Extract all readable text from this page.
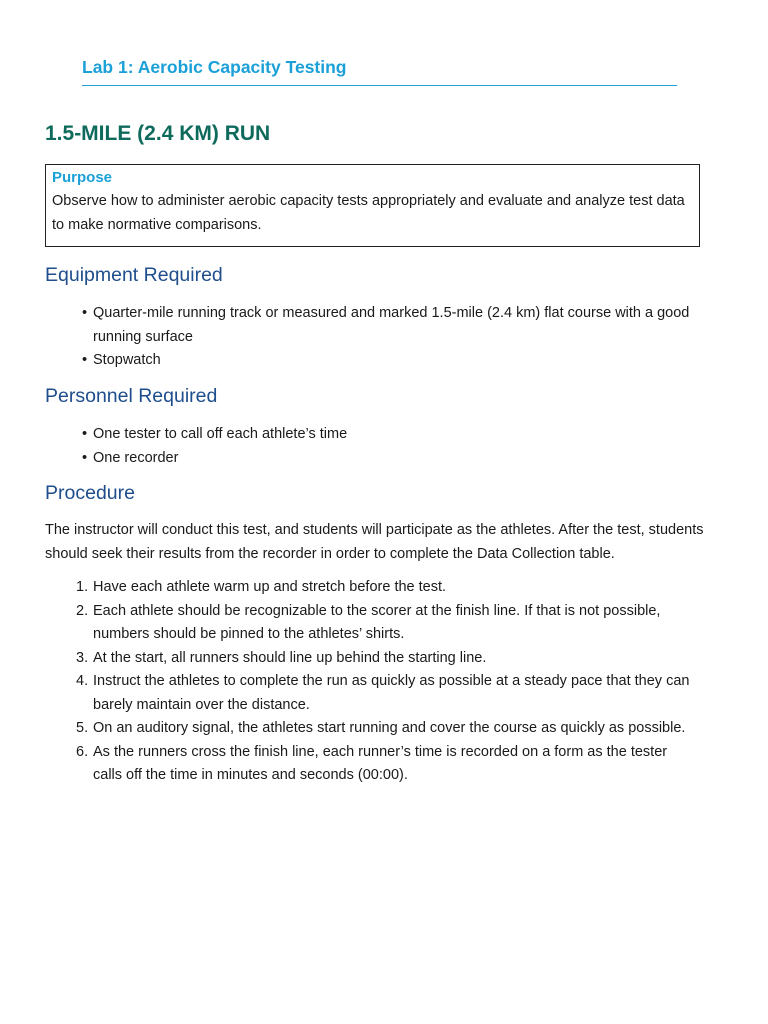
Lab 1: Aerobic Capacity Testing
1.5-MILE (2.4 KM) RUN
Purpose
Observe how to administer aerobic capacity tests appropriately and evaluate and analyze test data to make normative comparisons.
Equipment Required
• Quarter-mile running track or measured and marked 1.5-mile (2.4 km) flat course with a good running surface
• Stopwatch
Personnel Required
• One tester to call off each athlete’s time
• One recorder
Procedure

The instructor will conduct this test, and students will participate as the athletes. After the test, students should seek their results from the recorder in order to complete the Data Collection table.

1. Have each athlete warm up and stretch before the test.
2. Each athlete should be recognizable to the scorer at the finish line. If that is not possible, numbers should be pinned to the athletes’ shirts.
3. At the start, all runners should line up behind the starting line.
4. Instruct the athletes to complete the run as quickly as possible at a steady pace that they can barely maintain over the distance.
5. On an auditory signal, the athletes start running and cover the course as quickly as possible.
6. As the runners cross the finish line, each runner’s time is recorded on a form as the tester calls off the time in minutes and seconds (00:00).
